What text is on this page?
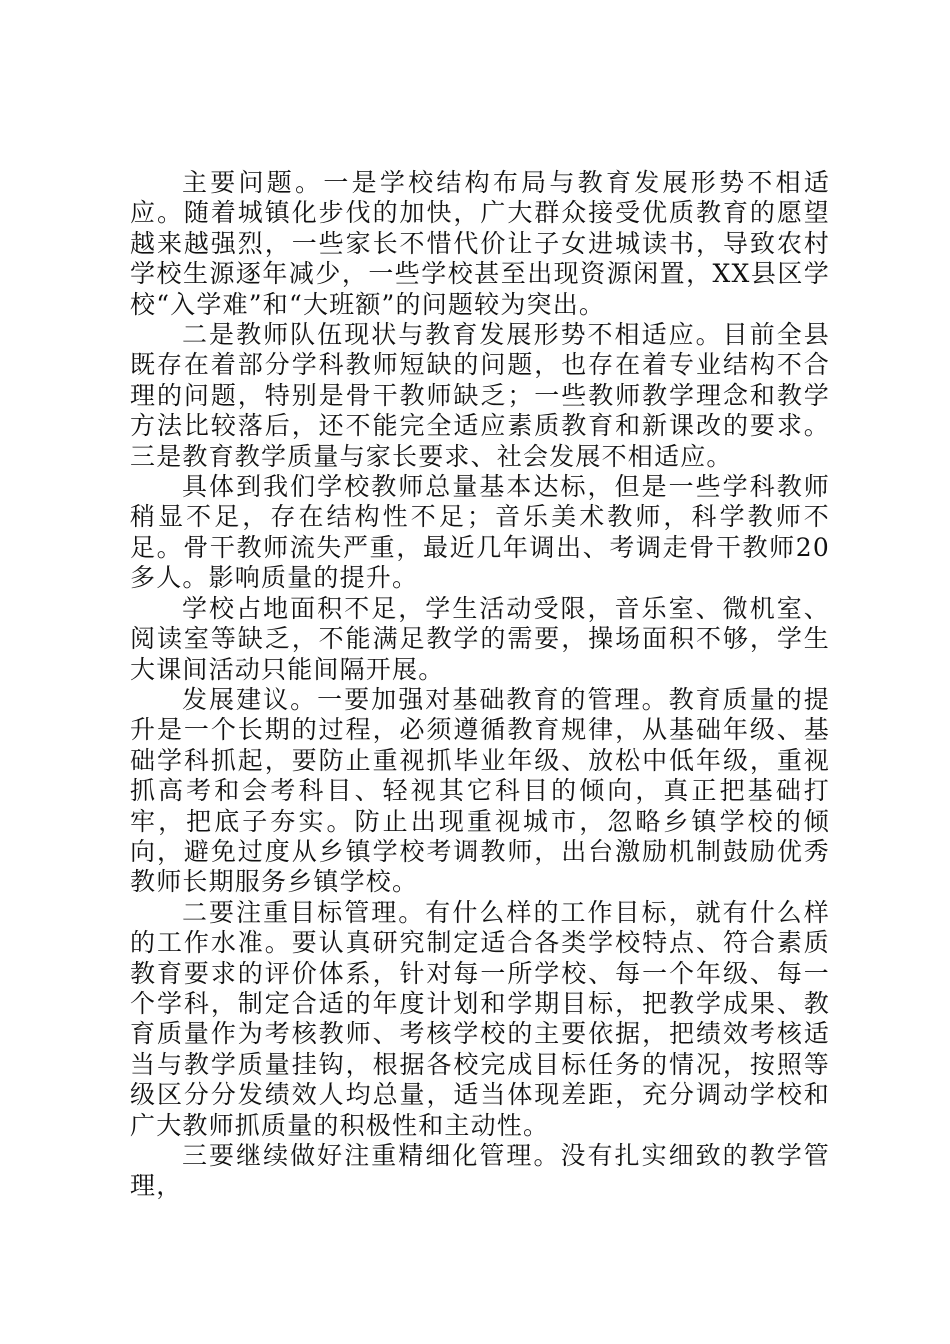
主要问题。一是学校结构布局与教育发展形势不相适应。随着城镇化步伐的加快，广大群众接受优质教育的愿望越来越强烈，一些家长不惜代价让子女进城读书，导致农村学校生源逐年减少，一些学校甚至出现资源闲置，XX县区学校“入学难”和“大班额”的问题较为突出。

二是教师队伍现状与教育发展形势不相适应。目前全县既存在着部分学科教师短缺的问题，也存在着专业结构不合理的问题，特别是骨干教师缺乏；一些教师教学理念和教学方法比较落后，还不能完全适应素质教育和新课改的要求。三是教育教学质量与家长要求、社会发展不相适应。

具体到我们学校教师总量基本达标，但是一些学科教师稍显不足，存在结构性不足；音乐美术教师，科学教师不足。骨干教师流失严重，最近几年调出、考调走骨干教师20多人。影响质量的提升。

学校占地面积不足，学生活动受限，音乐室、微机室、阅读室等缺乏，不能满足教学的需要，操场面积不够，学生大课间活动只能间隔开展。

发展建议。一要加强对基础教育的管理。教育质量的提升是一个长期的过程，必须遵循教育规律，从基础年级、基础学科抓起，要防止重视抓毕业年级、放松中低年级，重视抓高考和会考科目、轻视其它科目的倾向，真正把基础打牢，把底子夯实。防止出现重视城市，忽略乡镇学校的倾向，避免过度从乡镇学校考调教师，出台激励机制鼓励优秀教师长期服务乡镇学校。

二要注重目标管理。有什么样的工作目标，就有什么样的工作水准。要认真研究制定适合各类学校特点、符合素质教育要求的评价体系，针对每一所学校、每一个年级、每一个学科，制定合适的年度计划和学期目标，把教学成果、教育质量作为考核教师、考核学校的主要依据，把绩效考核适当与教学质量挂钩，根据各校完成目标任务的情况，按照等级区分分发绩效人均总量，适当体现差距，充分调动学校和广大教师抓质量的积极性和主动性。

三要继续做好注重精细化管理。没有扎实细致的教学管理，
